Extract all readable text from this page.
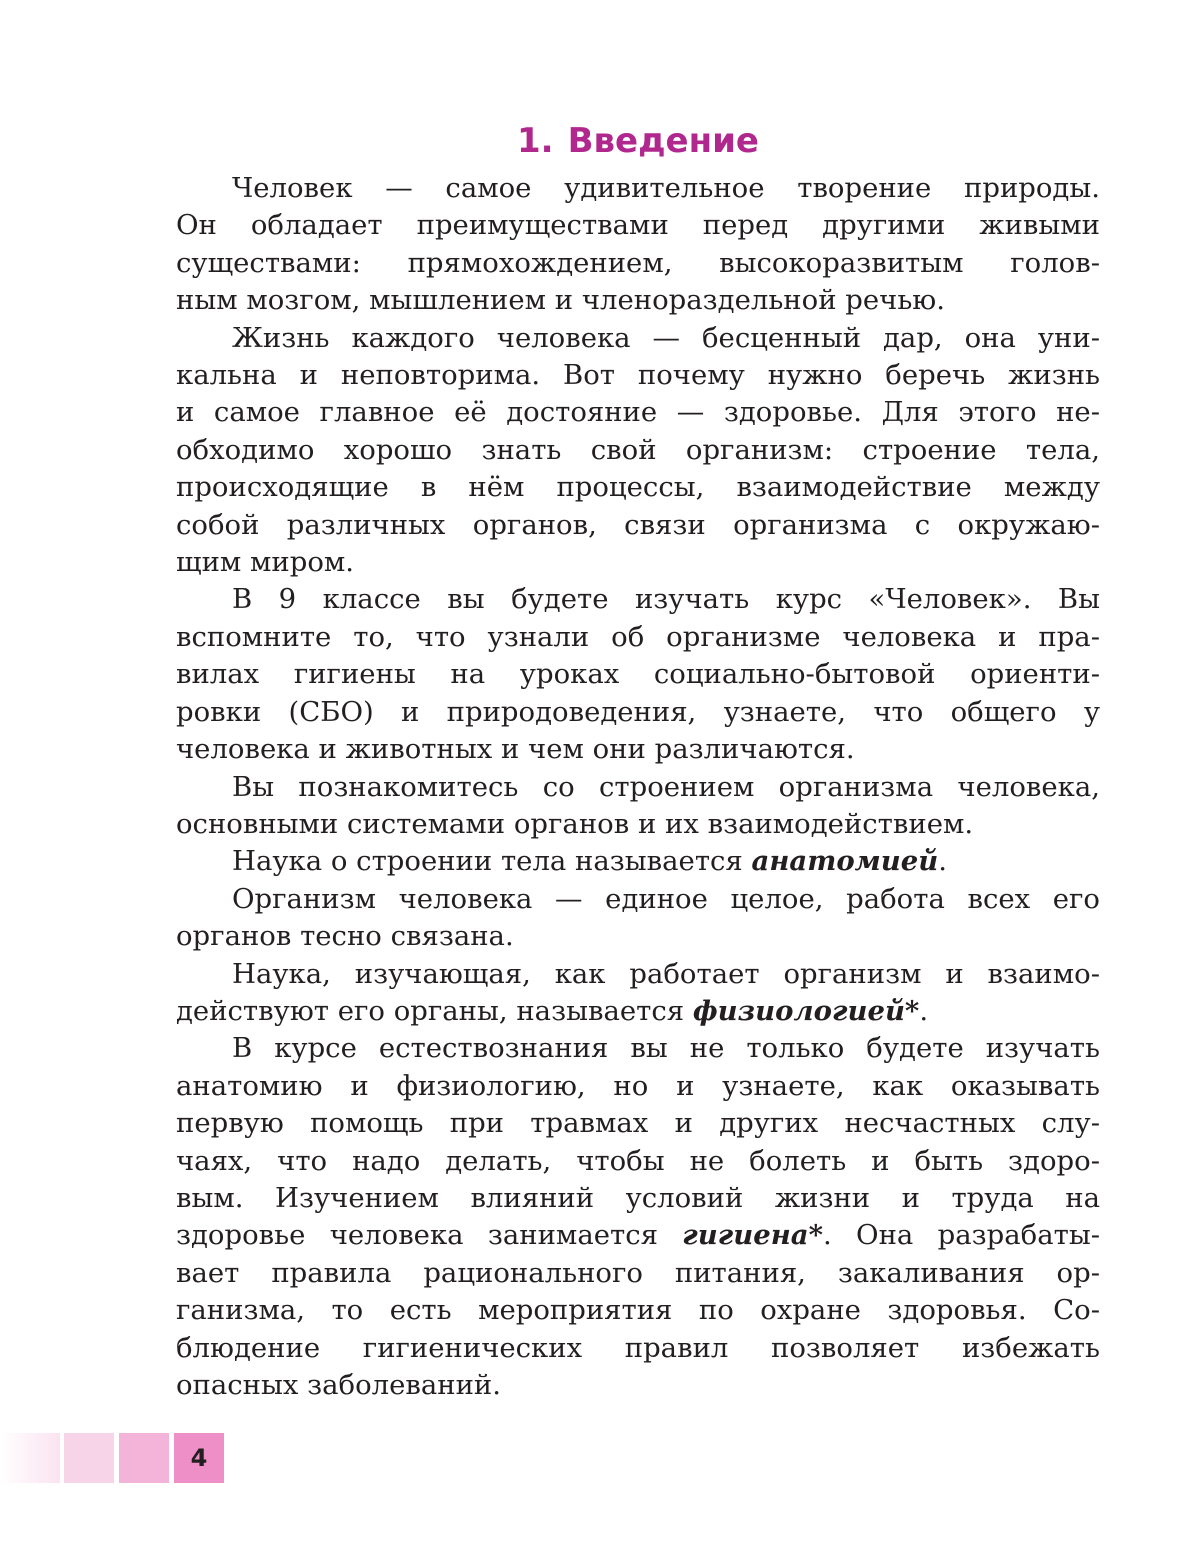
1. Введение
Человек — самое удивительное творение природы.
Он обладает преимуществами перед другими живыми
существами: прямохождением, высокоразвитым голов-
ным мозгом, мышлением и членораздельной речью.
Жизнь каждого человека — бесценный дар, она уни-
кальна и неповторима. Вот почему нужно беречь жизнь
и самое главное её достояние — здоровье. Для этого не-
обходимо хорошо знать свой организм: строение тела,
происходящие в нём процессы, взаимодействие между
собой различных органов, связи организма с окружаю-
щим миром.
В 9 классе вы будете изучать курс «Человек». Вы
вспомните то, что узнали об организме человека и пра-
вилах гигиены на уроках социально-бытовой ориенти-
ровки (СБО) и природоведения, узнаете, что общего у
человека и животных и чем они различаются.
Вы познакомитесь со строением организма человека,
основными системами органов и их взаимодействием.
Наука о строении тела называется анатомией.
Организм человека — единое целое, работа всех его
органов тесно связана.
Наука, изучающая, как работает организм и взаимо-
действуют его органы, называется физиологией*.
В курсе естествознания вы не только будете изучать
анатомию и физиологию, но и узнаете, как оказывать
первую помощь при травмах и других несчастных слу-
чаях, что надо делать, чтобы не болеть и быть здоро-
вым. Изучением влияний условий жизни и труда на
здоровье человека занимается гигиена*. Она разрабаты-
вает правила рационального питания, закаливания ор-
ганизма, то есть мероприятия по охране здоровья. Со-
блюдение гигиенических правил позволяет избежать
опасных заболеваний.
4
